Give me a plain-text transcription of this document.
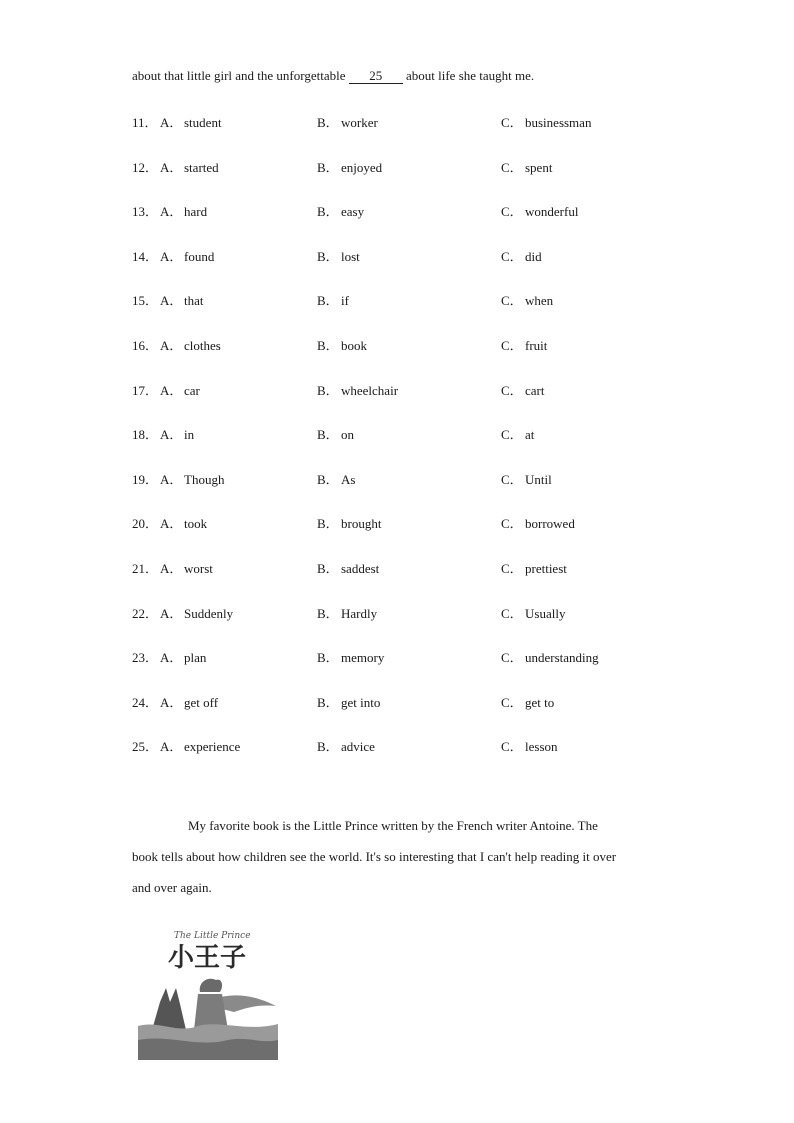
about that little girl and the unforgettable 25 about life she taught me.
11． A． student	B． worker	C． businessman
12． A． started	B． enjoyed	C． spent
13． A． hard	B． easy	C． wonderful
14． A． found	B． lost	C． did
15． A． that	B． if	C． when
16． A． clothes	B． book	C． fruit
17． A． car	B． wheelchair	C． cart
18． A． in	B． on	C． at
19． A． Though	B． As	C． Until
20． A． took	B． brought	C． borrowed
21． A． worst	B． saddest	C． prettiest
22． A． Suddenly	B． Hardly	C． Usually
23． A． plan	B． memory	C． understanding
24． A． get off	B． get into	C． get to
25． A． experience	B． advice	C． lesson
My favorite book is the Little Prince written by the French writer Antoine. The
book tells about how children see the world. It's so interesting that I can't help reading it over
and over again.
The Little Prince
小王子
